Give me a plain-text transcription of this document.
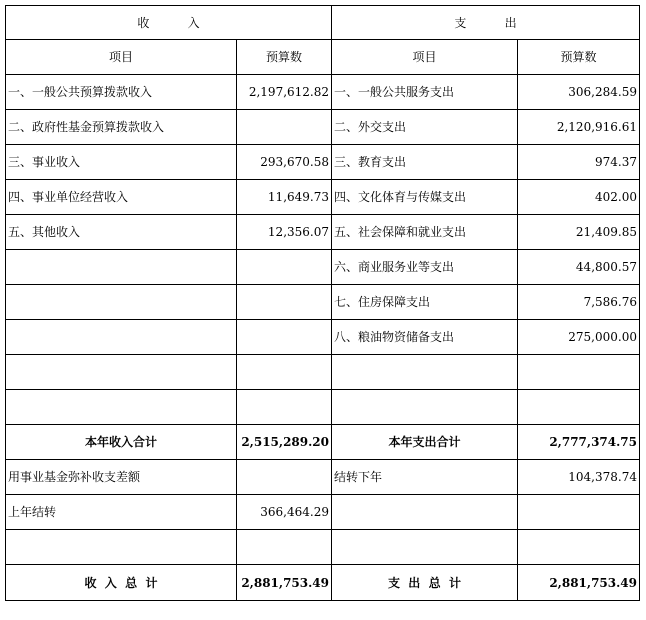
收          入		支          出	
项目	预算数	项目	预算数
一、一般公共预算拨款收入	2,197,612.82	一、一般公共服务支出	306,284.59
二、政府性基金预算拨款收入		二、外交支出	2,120,916.61
三、事业收入	293,670.58	三、教育支出	974.37
四、事业单位经营收入	11,649.73	四、文化体育与传媒支出	402.00
五、其他收入	12,356.07	五、社会保障和就业支出	21,409.85
		六、商业服务业等支出	44,800.57
		七、住房保障支出	7,586.76
		八、粮油物资储备支出	275,000.00

本年收入合计	2,515,289.20	本年支出合计	2,777,374.75
用事业基金弥补收支差额		结转下年	104,378.74
上年结转	366,464.29		

收  入  总  计	2,881,753.49	支  出  总  计	2,881,753.49
